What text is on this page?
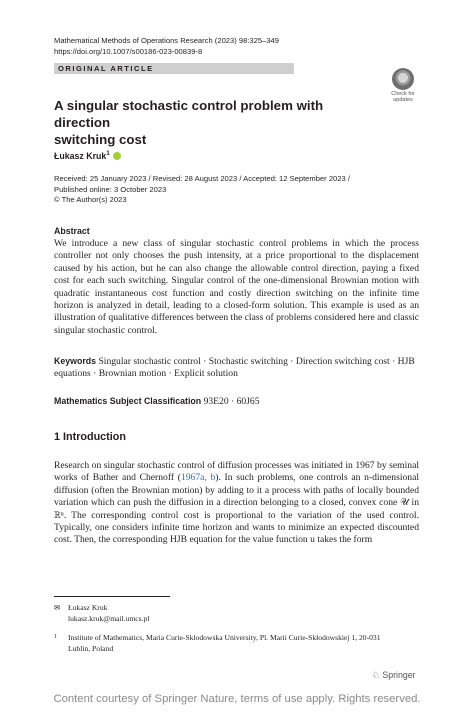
Mathematical Methods of Operations Research (2023) 98:325–349
https://doi.org/10.1007/s00186-023-00839-8
ORIGINAL ARTICLE
Check for
updates
A singular stochastic control problem with direction
switching cost
Łukasz Kruk$^1$
Received: 25 January 2023 / Revised: 28 August 2023 / Accepted: 12 September 2023 /
Published online: 3 October 2023
© The Author(s) 2023
Abstract
We introduce a new class of singular stochastic control problems in which the process controller not only chooses the push intensity, at a price proportional to the displacement caused by his action, but he can also change the allowable control direction, paying a fixed cost for each such switching. Singular control of the one-dimensional Brownian motion with quadratic instantaneous cost function and costly direction switching on the infinite time horizon is analyzed in detail, leading to a closed-form solution. This example is used as an illustration of qualitative differences between the class of problems considered here and classic singular stochastic control.
Keywords Singular stochastic control · Stochastic switching · Direction switching cost · HJB equations · Brownian motion · Explicit solution
Mathematics Subject Classification 93E20 · 60J65
1 Introduction
Research on singular stochastic control of diffusion processes was initiated in 1967 by seminal works of Bather and Chernoff (1967a, b). In such problems, one controls an n-dimensional diffusion (often the Brownian motion) by adding to it a process with paths of locally bounded variation which can push the diffusion in a direction belonging to a closed, convex cone 𝒰 in ℝⁿ. The corresponding control cost is proportional to the variation of the used control. Typically, one considers infinite time horizon and wants to minimize an expected discounted cost. Then, the corresponding HJB equation for the value function u takes the form
✉ Łukasz Kruk
lukasz.kruk@mail.umcs.pl
1 Institute of Mathematics, Maria Curie-Skłodowska University, Pl. Marii Curie-Skłodowskiej 1, 20-031 Lublin, Poland
♘ Springer
Content courtesy of Springer Nature, terms of use apply. Rights reserved.
